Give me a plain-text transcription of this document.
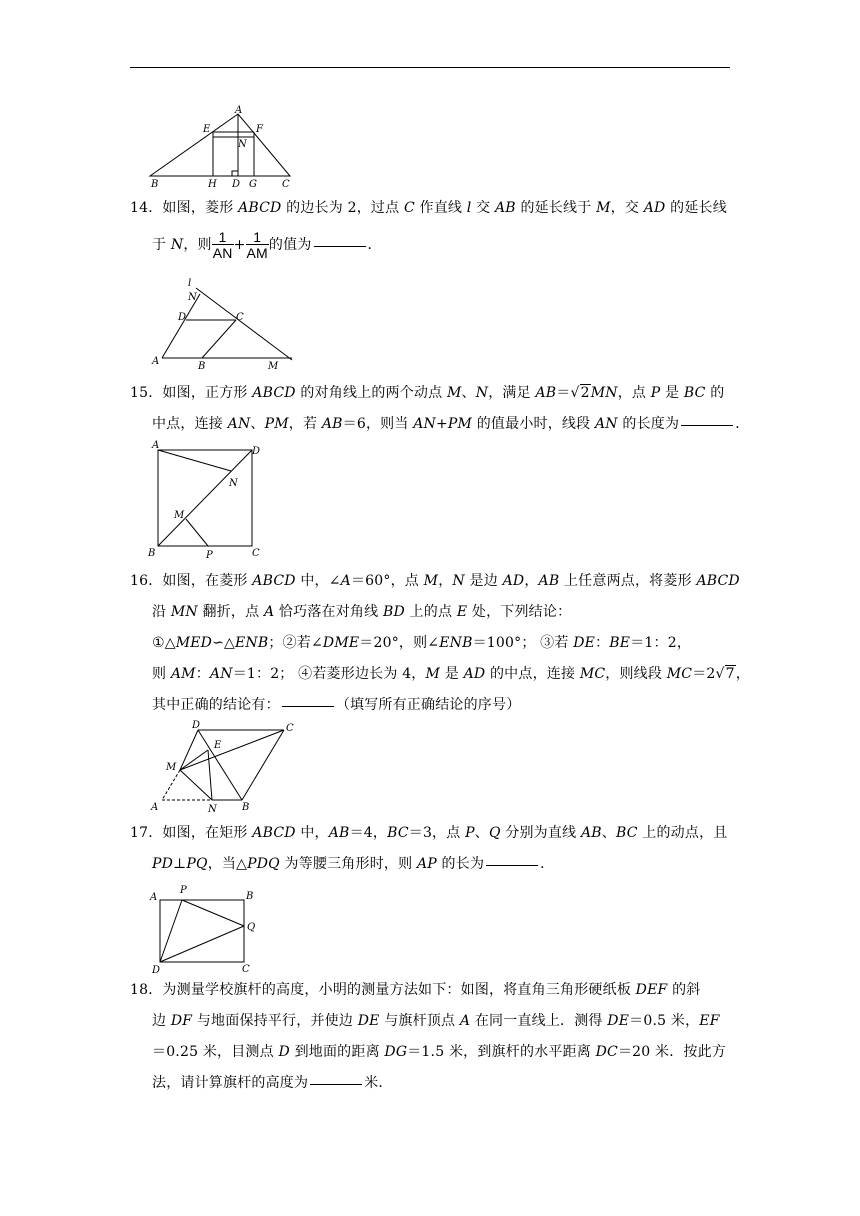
A
E	F
N
B	H D G	C

14．如图，菱形 ABCD 的边长为 2，过点 C 作直线 l 交 AB 的延长线于 M，交 AD 的延长线

于 N，则 $\frac{1}{AN} + \frac{1}{AM}$ 的值为	．

l
N
D	C
A	B	M

15．如图，正方形 ABCD 的对角线上的两个动点 M、N，满足 AB＝√2MN，点 P 是 BC 的

中点，连接 AN、PM，若 AB＝6，则当 AN+PM 的值最小时，线段 AN 的长度为	．

A
D
N
M
B	P	C

16．如图，在菱形 ABCD 中，∠A＝60°，点 M，N 是边 AD，AB 上任意两点，将菱形 ABCD

沿 MN 翻折，点 A 恰巧落在对角线 BD 上的点 E 处，下列结论：

①△MED∽△ENB；②若∠DME＝20°，则∠ENB＝100°； ③若 DE：BE＝1：2，

则 AM：AN＝1：2； ④若菱形边长为 4，M 是 AD 的中点，连接 MC，则线段 MC＝2√7，

其中正确的结论有：	（填写所有正确结论的序号）

D	C
E
M
A	N	B

17．如图，在矩形 ABCD 中，AB＝4，BC＝3，点 P、Q 分别为直线 AB、BC 上的动点，且

PD⊥PQ，当△PDQ 为等腰三角形时，则 AP 的长为	．

A
P
B
Q
D	C

18．为测量学校旗杆的高度，小明的测量方法如下：如图，将直角三角形硬纸板 DEF 的斜

边 DF 与地面保持平行，并使边 DE 与旗杆顶点 A 在同一直线上．测得 DE＝0.5 米，EF

＝0.25 米，目测点 D 到地面的距离 DG＝1.5 米，到旗杆的水平距离 DC＝20 米．按此方

法，请计算旗杆的高度为	米．
